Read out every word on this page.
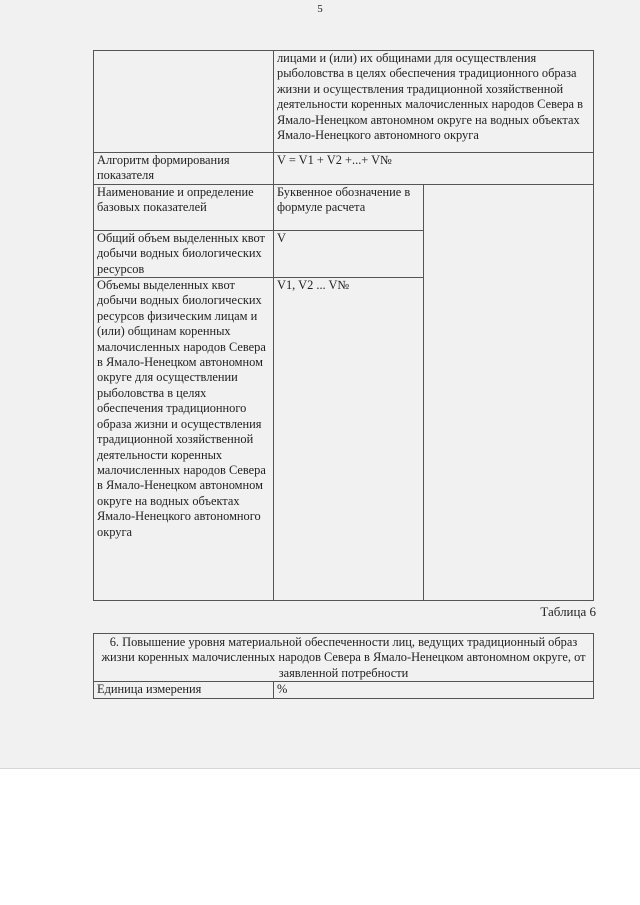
5
	лицами и (или) их общинами для осуществления рыболовства в целях обеспечения традиционного образа жизни и осуществления традиционной хозяйственной деятельности коренных малочисленных народов Севера в Ямало-Ненецком автономном округе на водных объектах Ямало-Ненецкого автономного округа	
Алгоритм формирования показателя	V = V1 + V2 +...+ V№	
Наименование и определение базовых показателей	Буквенное обозначение в формуле расчета	
Общий объем выделенных квот добычи водных биологических ресурсов	V	
Объемы выделенных квот добычи водных биологических ресурсов физическим лицам и (или) общинам коренных малочисленных народов Севера в Ямало-Ненецком автономном округе для осуществлении рыболовства в целях обеспечения традиционного образа жизни и осуществления традиционной хозяйственной деятельности коренных малочисленных народов Севера в Ямало-Ненецком автономном округе на водных объектах Ямало-Ненецкого автономного округа	V1, V2 ... V№	
Таблица 6
6. Повышение уровня материальной обеспеченности лиц, ведущих традиционный образ жизни коренных малочисленных народов Севера в Ямало-Ненецком автономном округе, от заявленной потребности
Единица измерения	%
